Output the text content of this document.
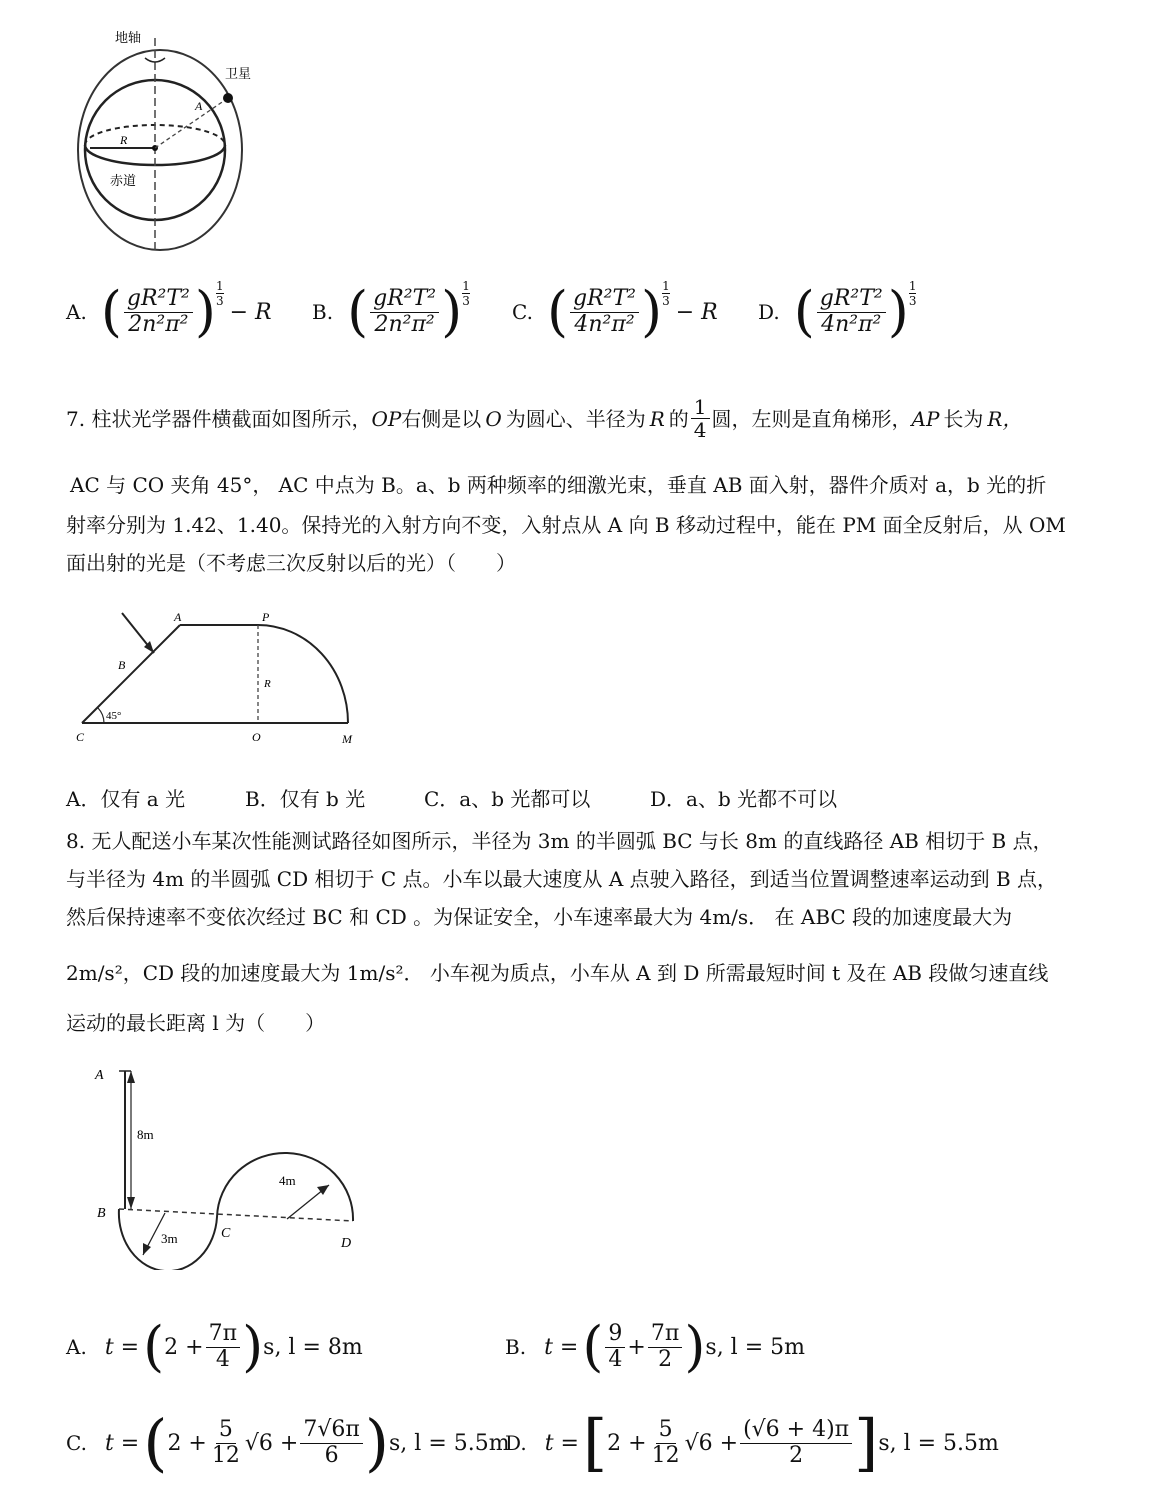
地轴
卫星
A
R
赤道
A. ( $\frac{\text{gR²T²}}{\text{2n²π²}}$ ) $\frac{1}{3}$
− R B. ( $\frac{\text{gR²T²}}{\text{2n²π²}}$ ) $\frac{1}{3}$
C. ( $\frac{\text{gR²T²}}{\text{4n²π²}}$ ) $\frac{1}{3}$
− R D. ( $\frac{\text{gR²T²}}{\text{4n²π²}}$ ) $\frac{1}{3}$
7. 柱状光学器件横截面如图所示， OP 右侧是以 O 为圆心、半径为 R 的 $\frac{1}{4}$ 圆，左则是直角梯形， AP 长为 R，
AC 与 CO 夹角 45°， AC 中点为 B。a、b 两种频率的细激光束，垂直 AB 面入射，器件介质对 a，b 光的折
射率分别为 1.42、1.40。保持光的入射方向不变，入射点从 A 向 B 移动过程中，能在 PM 面全反射后，从 OM
面出射的光是（不考虑三次反射以后的光）（　　）
A	P
B
R
45°
C	O	M
A．仅有 a 光	B．仅有 b 光	C．a、b 光都可以	D．a、b 光都不可以
8. 无人配送小车某次性能测试路径如图所示，半径为 3m 的半圆弧 BC 与长 8m 的直线路径 AB 相切于 B 点，
与半径为 4m 的半圆弧 CD 相切于 C 点。小车以最大速度从 A 点驶入路径，到适当位置调整速率运动到 B 点，
然后保持速率不变依次经过 BC 和 CD 。为保证安全，小车速率最大为 4m/s． 在 ABC 段的加速度最大为
2m/s²，CD 段的加速度最大为 1m/s²． 小车视为质点，小车从 A 到 D 所需最短时间 t 及在 AB 段做匀速直线
运动的最长距离 l 为（　　）
A
8m
B
3m	C
4m
D
A. t = ( $2 + \frac{7\pi}{4}$ ) s, l = 8m	B. t = ( $\frac{9}{4} + \frac{7\pi}{2}$ ) s, l = 5m
C. t = ( $2 + \frac{5}{12} √6 + \frac{7√6\pi}{6}$ ) s, l = 5.5m
D. t = [ $2 + \frac{5}{12} √6 + \frac{(√6 + 4)\pi}{2}$ ] s, l = 5.5m
